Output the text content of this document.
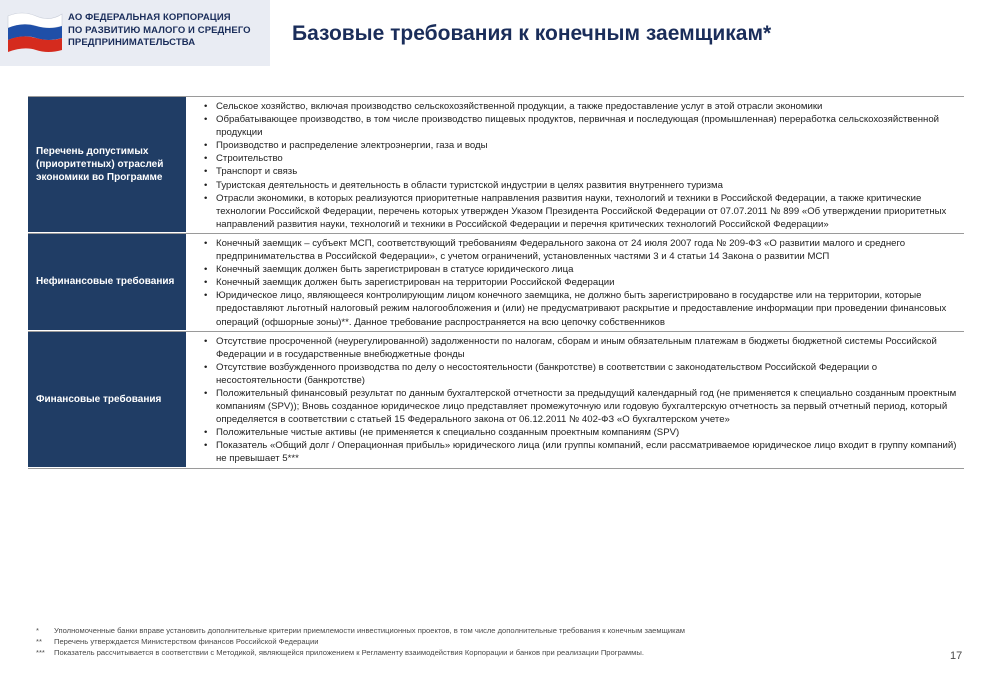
АО ФЕДЕРАЛЬНАЯ КОРПОРАЦИЯ
ПО РАЗВИТИЮ МАЛОГО И СРЕДНЕГО
ПРЕДПРИНИМАТЕЛЬСТВА	Базовые требования к конечным заемщикам*
Перечень допустимых (приоритетных) отраслей экономики во Программе
• Сельское хозяйство, включая производство сельскохозяйственной продукции, а также предоставление услуг в этой отрасли экономики
• Обрабатывающее производство, в том числе производство пищевых продуктов, первичная и последующая (промышленная) переработка сельскохозяйственной продукции
• Производство и распределение электроэнергии, газа и воды
• Строительство
• Транспорт и связь
• Туристская деятельность и деятельность в области туристской индустрии в целях развития внутреннего туризма
• Отрасли экономики, в которых реализуются приоритетные направления развития науки, технологий и техники в Российской Федерации, а также критические технологии Российской Федерации, перечень которых утвержден Указом Президента Российской Федерации от 07.07.2011 № 899 «Об утверждении приоритетных направлений развития науки, технологий и техники в Российской Федерации и перечня критических технологий Российской Федерации»
Нефинансовые требования
• Конечный заемщик – субъект МСП, соответствующий требованиям Федерального закона от 24 июля 2007 года № 209-ФЗ «О развитии малого и среднего предпринимательства в Российской Федерации», с учетом ограничений, установленных частями 3 и 4 статьи 14 Закона о развитии МСП
• Конечный заемщик должен быть зарегистрирован в статусе юридического лица
• Конечный заемщик должен быть зарегистрирован на территории Российской Федерации
• Юридическое лицо, являющееся контролирующим лицом конечного заемщика, не должно быть зарегистрировано в государстве или на территории, которые предоставляют льготный налоговый режим налогообложения и (или) не предусматривают раскрытие и предоставление информации при проведении финансовых операций (офшорные зоны)**. Данное требование распространяется на всю цепочку собственников
Финансовые требования
• Отсутствие просроченной (неурегулированной) задолженности по налогам, сборам и иным обязательным платежам в бюджеты бюджетной системы Российской Федерации и в государственные внебюджетные фонды
• Отсутствие возбужденного производства по делу о несостоятельности (банкротстве) в соответствии с законодательством Российской Федерации о несостоятельности (банкротстве)
• Положительный финансовый результат по данным бухгалтерской отчетности за предыдущий календарный год (не применяется к специально созданным проектным компаниям (SPV)); Вновь созданное юридическое лицо представляет промежуточную или годовую бухгалтерскую отчетность за первый отчетный период, который определяется в соответствии с статьей 15 Федерального закона от 06.12.2011 № 402-ФЗ «О бухгалтерском учете»
• Положительные чистые активы (не применяется к специально созданным проектным компаниям (SPV)
• Показатель «Общий долг / Операционная прибыль» юридического лица (или группы компаний, если рассматриваемое юридическое лицо входит в группу компаний) не превышает 5***
*	Уполномоченные банки вправе установить дополнительные критерии приемлемости инвестиционных проектов, в том числе дополнительные требования к конечным заемщикам
**	Перечень утверждается Министерством финансов Российской Федерации
***	Показатель рассчитывается в соответствии с Методикой, являющейся приложением к Регламенту взаимодействия Корпорации и банков при реализации Программы.	17
